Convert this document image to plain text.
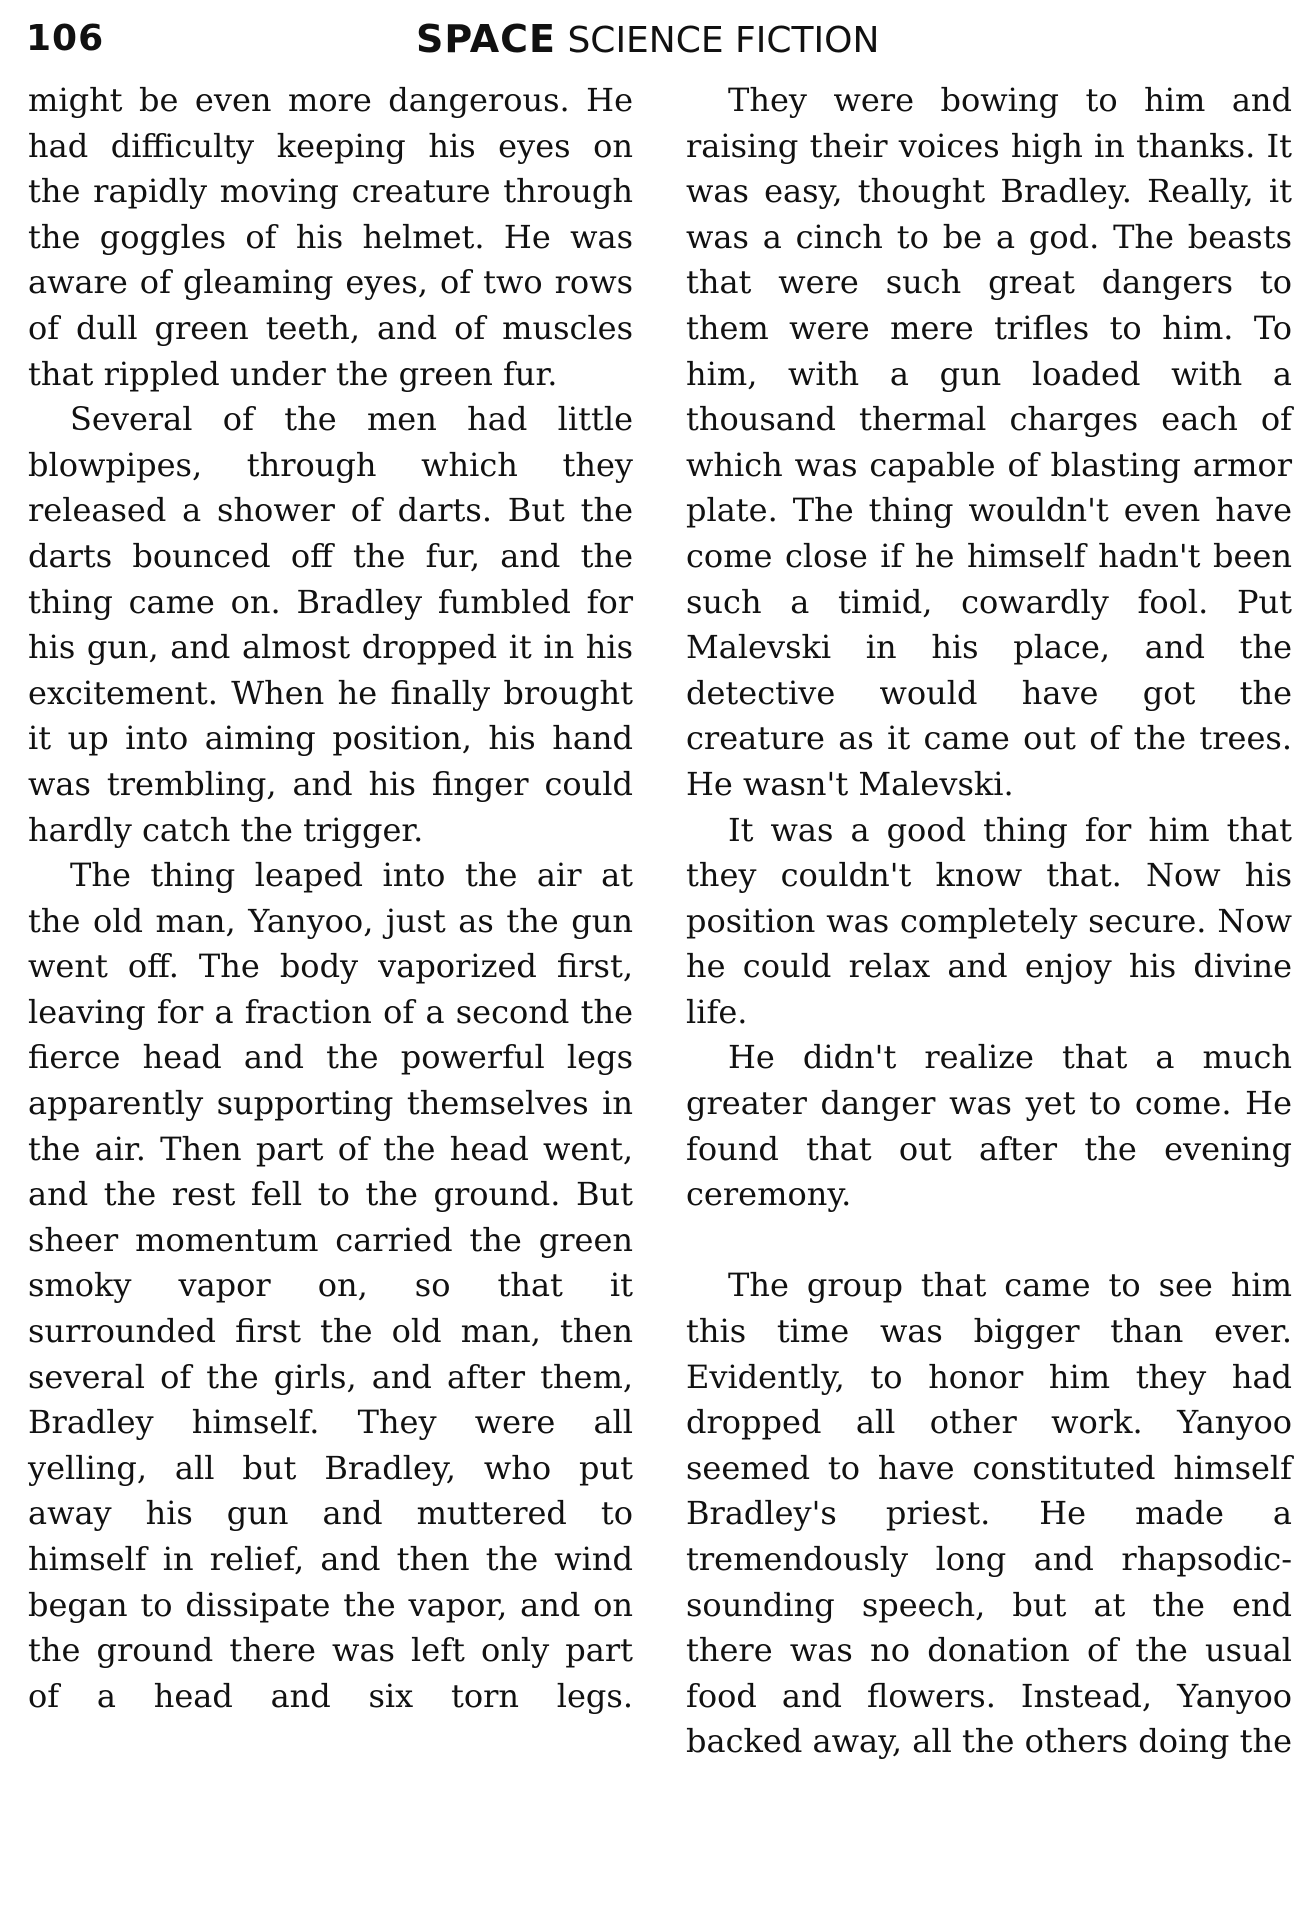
106	SPACE SCIENCE FICTION

might be even more dangerous. He had difficulty keeping his eyes on the rapidly moving creature through the goggles of his helmet. He was aware of gleaming eyes, of two rows of dull green teeth, and of muscles that rippled under the green fur.

Several of the men had little blowpipes, through which they released a shower of darts. But the darts bounced off the fur, and the thing came on. Bradley fumbled for his gun, and almost dropped it in his excitement. When he finally brought it up into aiming position, his hand was trembling, and his finger could hardly catch the trigger.

The thing leaped into the air at the old man, Yanyoo, just as the gun went off. The body vaporized first, leaving for a fraction of a second the fierce head and the powerful legs apparently supporting themselves in the air. Then part of the head went, and the rest fell to the ground. But sheer momentum carried the green smoky vapor on, so that it surrounded first the old man, then several of the girls, and after them, Bradley himself. They were all yelling, all but Bradley, who put away his gun and muttered to himself in relief, and then the wind began to dissipate the vapor, and on the ground there was left only part of a head and six torn legs.

They were bowing to him and raising their voices high in thanks. It was easy, thought Bradley. Really, it was a cinch to be a god. The beasts that were such great dangers to them were mere trifles to him. To him, with a gun loaded with a thousand thermal charges each of which was capable of blasting armor plate. The thing wouldn't even have come close if he himself hadn't been such a timid, cowardly fool. Put Malevski in his place, and the detective would have got the creature as it came out of the trees. He wasn't Malevski.

It was a good thing for him that they couldn't know that. Now his position was completely secure. Now he could relax and enjoy his divine life.

He didn't realize that a much greater danger was yet to come. He found that out after the evening ceremony.

The group that came to see him this time was bigger than ever. Evidently, to honor him they had dropped all other work. Yanyoo seemed to have constituted himself Bradley's priest. He made a tremendously long and rhapsodic-sounding speech, but at the end there was no donation of the usual food and flowers. Instead, Yanyoo backed away, all the others doing the
